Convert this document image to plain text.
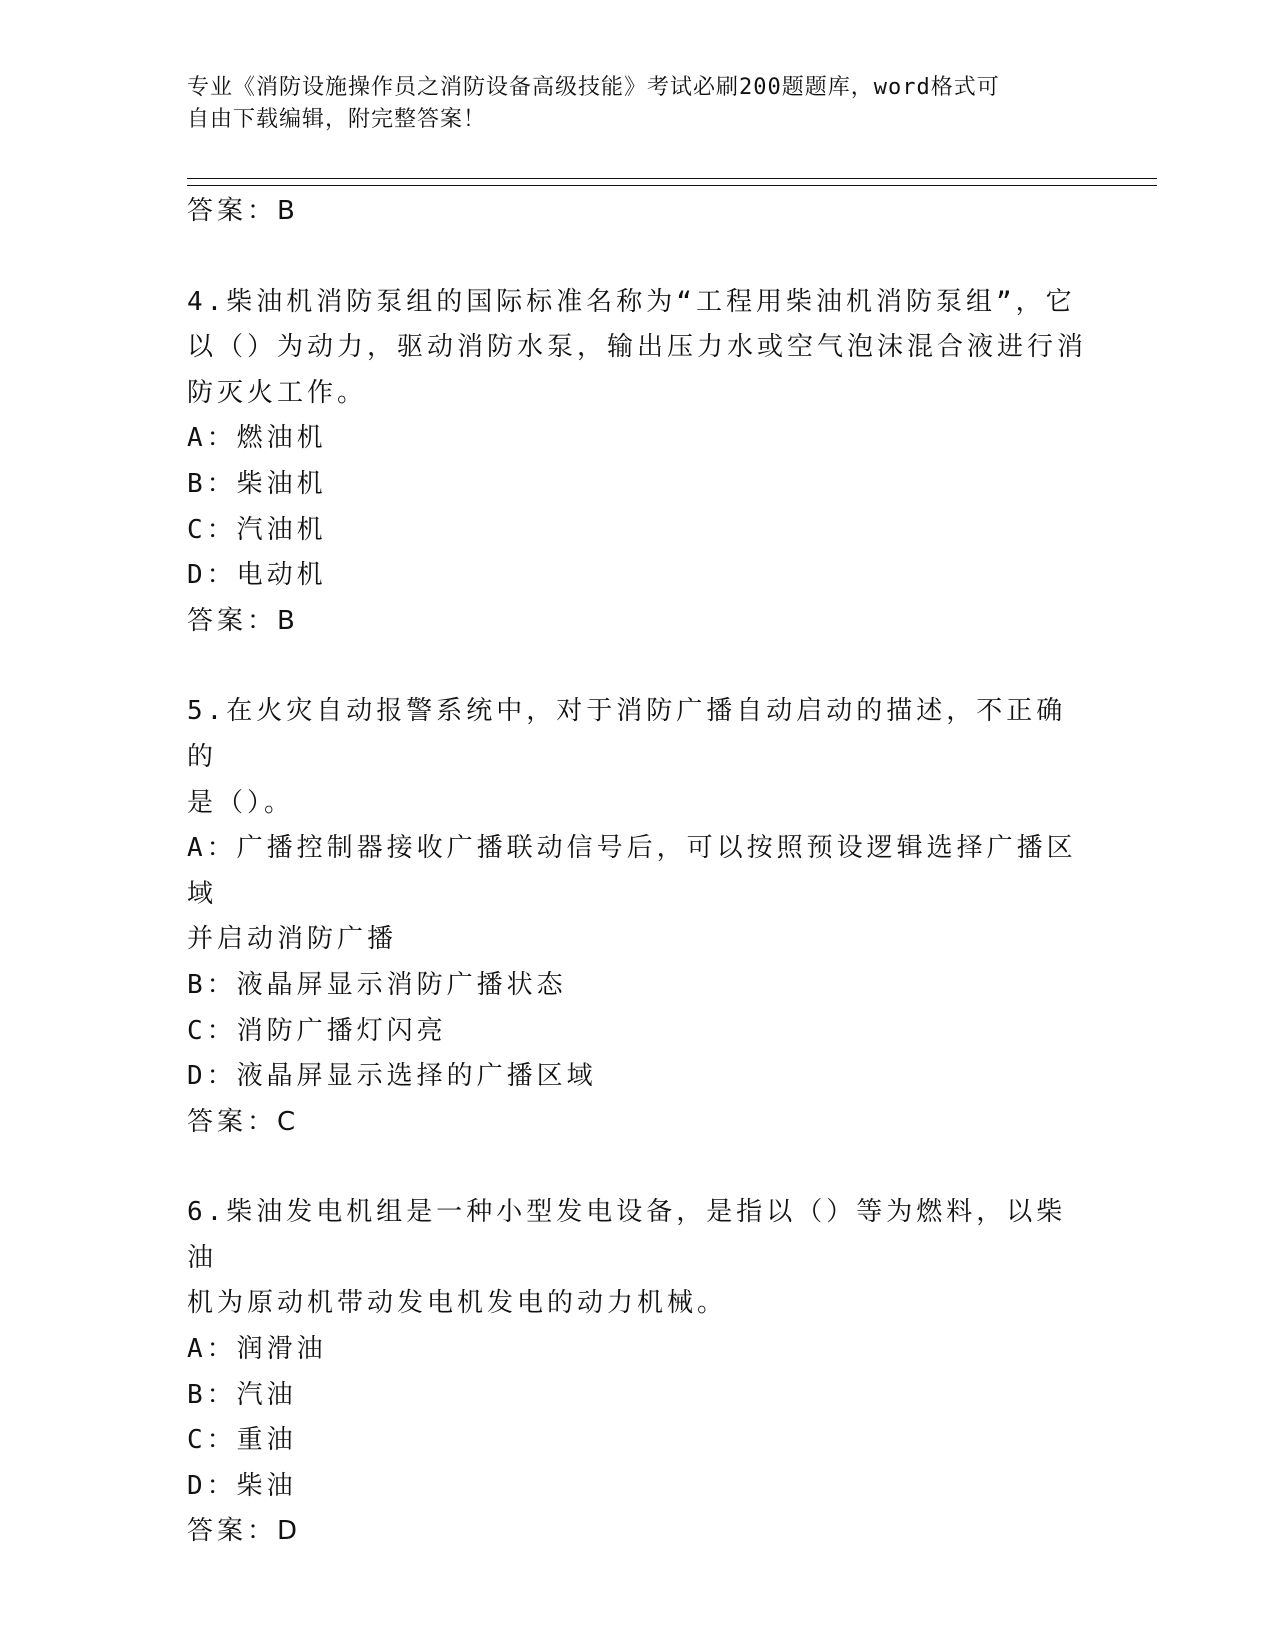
专业《消防设施操作员之消防设备高级技能》考试必刷200题题库，word格式可
自由下载编辑，附完整答案！
答案：B
4.柴油机消防泵组的国际标准名称为“工程用柴油机消防泵组”，它
以（）为动力，驱动消防水泵，输出压力水或空气泡沫混合液进行消
防灭火工作。
A：燃油机
B：柴油机
C：汽油机
D：电动机
答案：B
5.在火灾自动报警系统中，对于消防广播自动启动的描述，不正确的
是（）。
A：广播控制器接收广播联动信号后，可以按照预设逻辑选择广播区域
并启动消防广播
B：液晶屏显示消防广播状态
C：消防广播灯闪亮
D：液晶屏显示选择的广播区域
答案：C
6.柴油发电机组是一种小型发电设备，是指以（）等为燃料，以柴油
机为原动机带动发电机发电的动力机械。
A：润滑油
B：汽油
C：重油
D：柴油
答案：D
